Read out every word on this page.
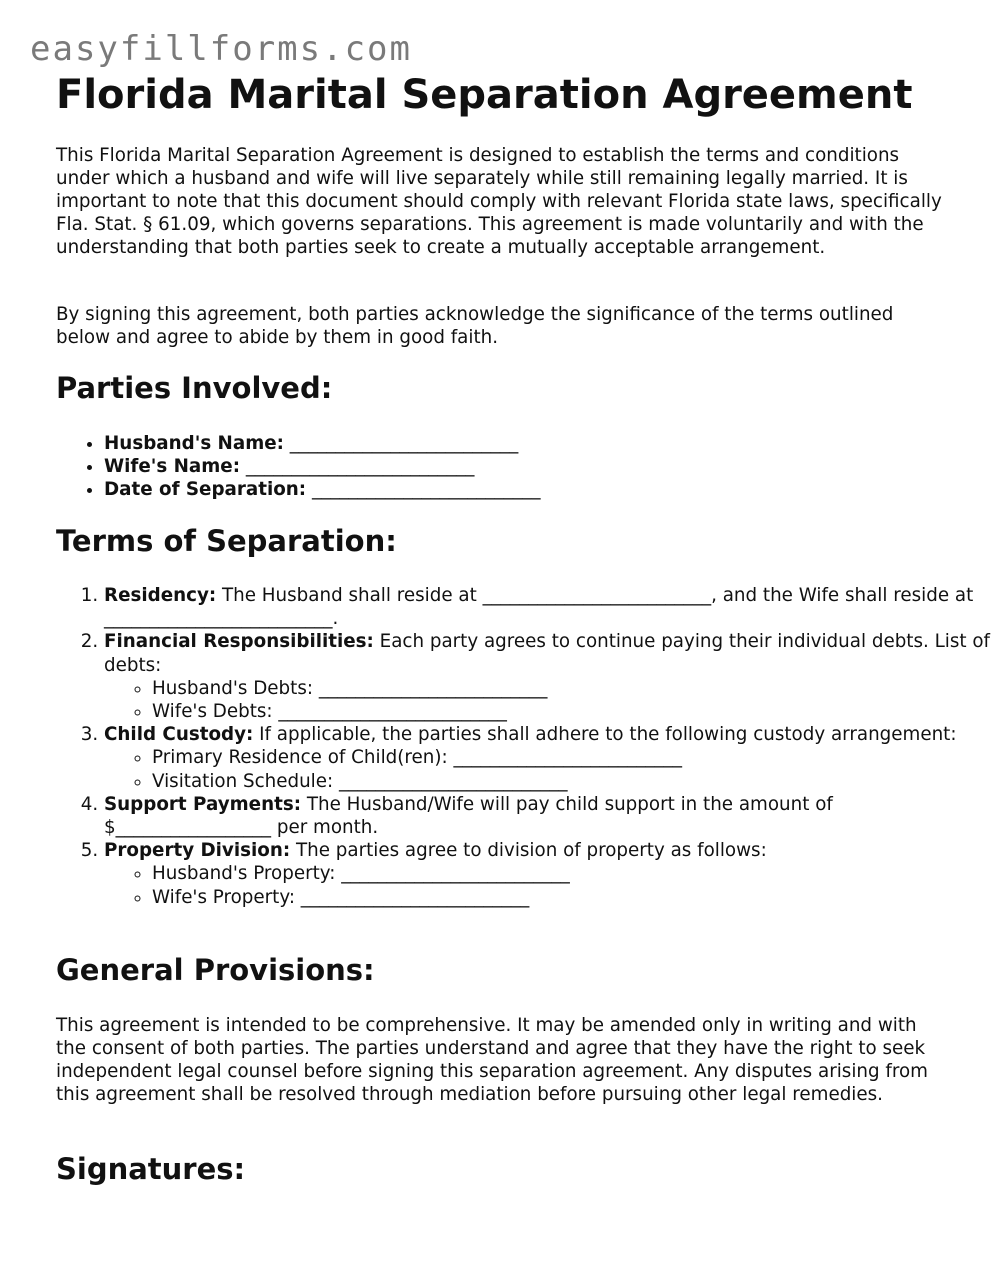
easyfillforms.com
Florida Marital Separation Agreement

This Florida Marital Separation Agreement is designed to establish the terms and conditions under which a husband and wife will live separately while still remaining legally married. It is important to note that this document should comply with relevant Florida state laws, specifically Fla. Stat. § 61.09, which governs separations. This agreement is made voluntarily and with the understanding that both parties seek to create a mutually acceptable arrangement.

By signing this agreement, both parties acknowledge the significance of the terms outlined below and agree to abide by them in good faith.

Parties Involved:
• Husband's Name: _________________________
• Wife's Name: _________________________
• Date of Separation: _________________________
Terms of Separation:
1. Residency: The Husband shall reside at _________________________, and the Wife shall reside at _________________________.
2. Financial Responsibilities: Each party agrees to continue paying their individual debts. List of debts:
◦ Husband's Debts: _________________________
◦ Wife's Debts: _________________________
3. Child Custody: If applicable, the parties shall adhere to the following custody arrangement:
◦ Primary Residence of Child(ren): _________________________
◦ Visitation Schedule: _________________________
4. Support Payments: The Husband/Wife will pay child support in the amount of $_________________ per month.
5. Property Division: The parties agree to division of property as follows:
◦ Husband's Property: _________________________
◦ Wife's Property: _________________________
General Provisions:

This agreement is intended to be comprehensive. It may be amended only in writing and with the consent of both parties. The parties understand and agree that they have the right to seek independent legal counsel before signing this separation agreement. Any disputes arising from this agreement shall be resolved through mediation before pursuing other legal remedies.

Signatures:
